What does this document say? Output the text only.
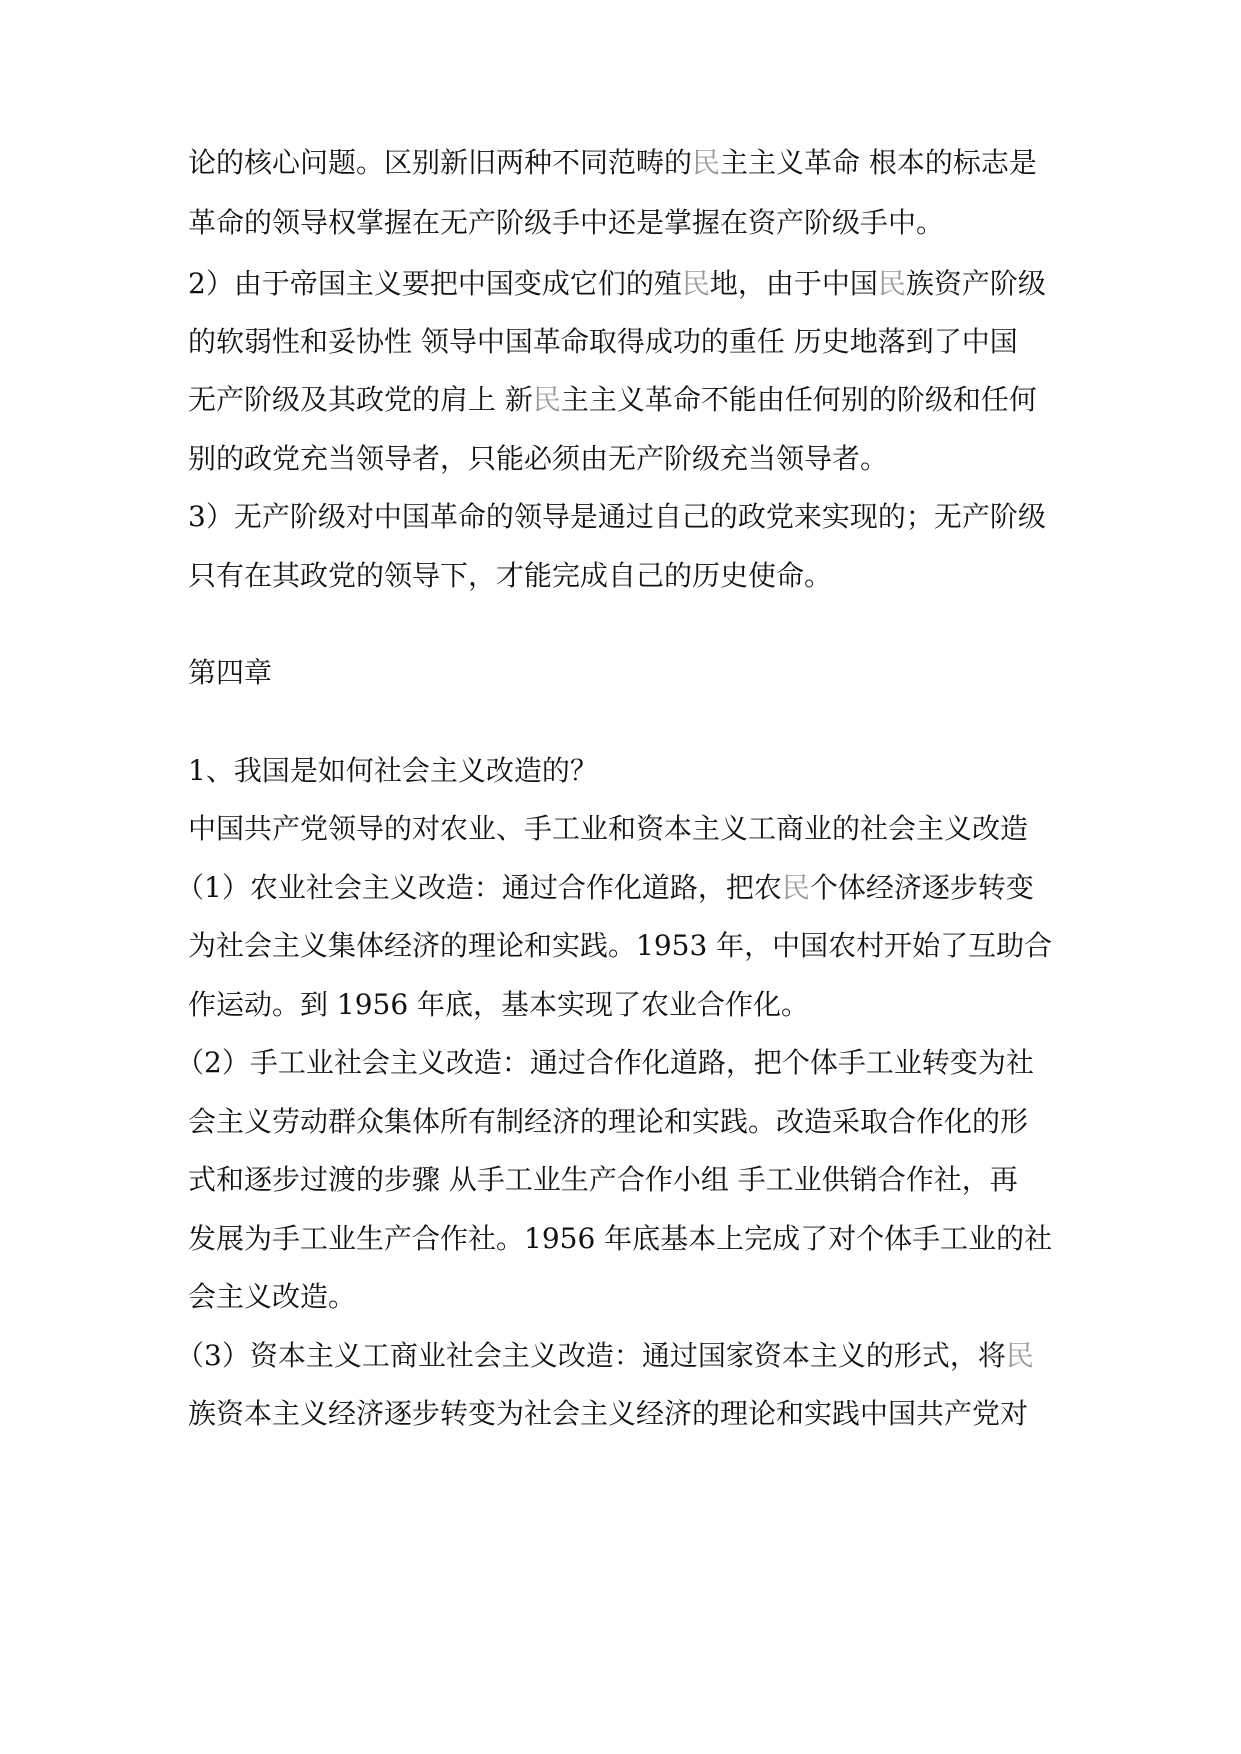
论的核心问题。区别新旧两种不同范畴的民主主义革命 根本的标志是
革命的领导权掌握在无产阶级手中还是掌握在资产阶级手中。
2）由于帝国主义要把中国变成它们的殖民地，由于中国民族资产阶级
的软弱性和妥协性 领导中国革命取得成功的重任 历史地落到了中国
无产阶级及其政党的肩上 新民主主义革命不能由任何别的阶级和任何
别的政党充当领导者，只能必须由无产阶级充当领导者。
3）无产阶级对中国革命的领导是通过自己的政党来实现的；无产阶级
只有在其政党的领导下，才能完成自己的历史使命。
第四章
1、我国是如何社会主义改造的？
中国共产党领导的对农业、手工业和资本主义工商业的社会主义改造
（1）农业社会主义改造：通过合作化道路，把农民个体经济逐步转变
为社会主义集体经济的理论和实践。1953 年，中国农村开始了互助合
作运动。到 1956 年底，基本实现了农业合作化。
（2）手工业社会主义改造：通过合作化道路，把个体手工业转变为社
会主义劳动群众集体所有制经济的理论和实践。改造采取合作化的形
式和逐步过渡的步骤 从手工业生产合作小组 手工业供销合作社，再
发展为手工业生产合作社。1956 年底基本上完成了对个体手工业的社
会主义改造。
（3）资本主义工商业社会主义改造：通过国家资本主义的形式，将民
族资本主义经济逐步转变为社会主义经济的理论和实践中国共产党对
